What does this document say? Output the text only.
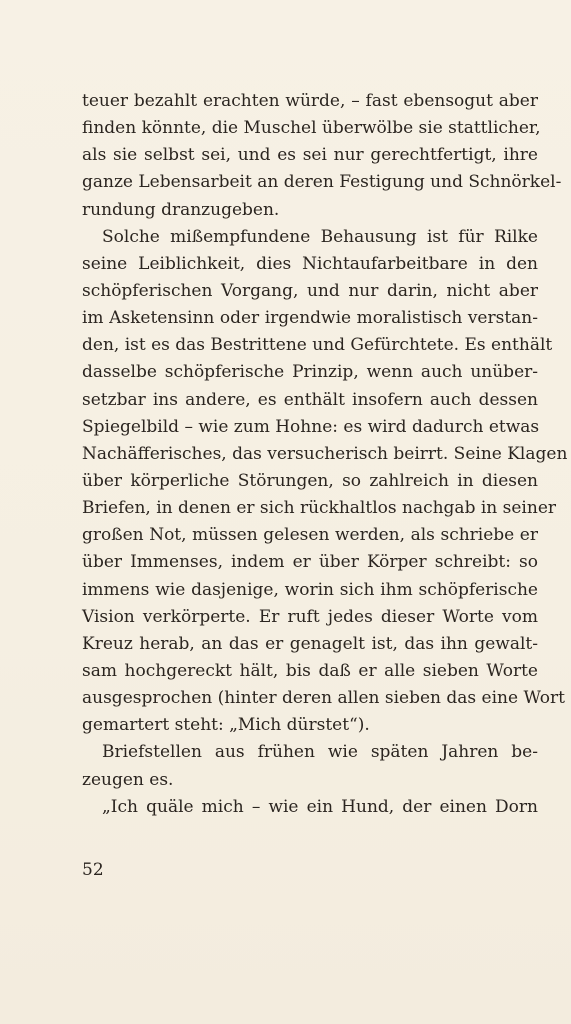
teuer bezahlt erachten würde, – fast ebensogut aber
finden könnte, die Muschel überwölbe sie stattlicher,
als sie selbst sei, und es sei nur gerechtfertigt, ihre
ganze Lebensarbeit an deren Festigung und Schnörkel-
rundung dranzugeben.
Solche mißempfundene Behausung ist für Rilke
seine Leiblichkeit, dies Nichtaufarbeitbare in den
schöpferischen Vorgang, und nur darin, nicht aber
im Asketensinn oder irgendwie moralistisch verstan-
den, ist es das Bestrittene und Gefürchtete. Es enthält
dasselbe schöpferische Prinzip, wenn auch unüber-
setzbar ins andere, es enthält insofern auch dessen
Spiegelbild – wie zum Hohne: es wird dadurch etwas
Nachäfferisches, das versucherisch beirrt. Seine Klagen
über körperliche Störungen, so zahlreich in diesen
Briefen, in denen er sich rückhaltlos nachgab in seiner
großen Not, müssen gelesen werden, als schriebe er
über Immenses, indem er über Körper schreibt: so
immens wie dasjenige, worin sich ihm schöpferische
Vision verkörperte. Er ruft jedes dieser Worte vom
Kreuz herab, an das er genagelt ist, das ihn gewalt-
sam hochgereckt hält, bis daß er alle sieben Worte
ausgesprochen (hinter deren allen sieben das eine Wort
gemartert steht: „Mich dürstet“).
Briefstellen aus frühen wie späten Jahren be-
zeugen es.
„Ich quäle mich – wie ein Hund, der einen Dorn
52
